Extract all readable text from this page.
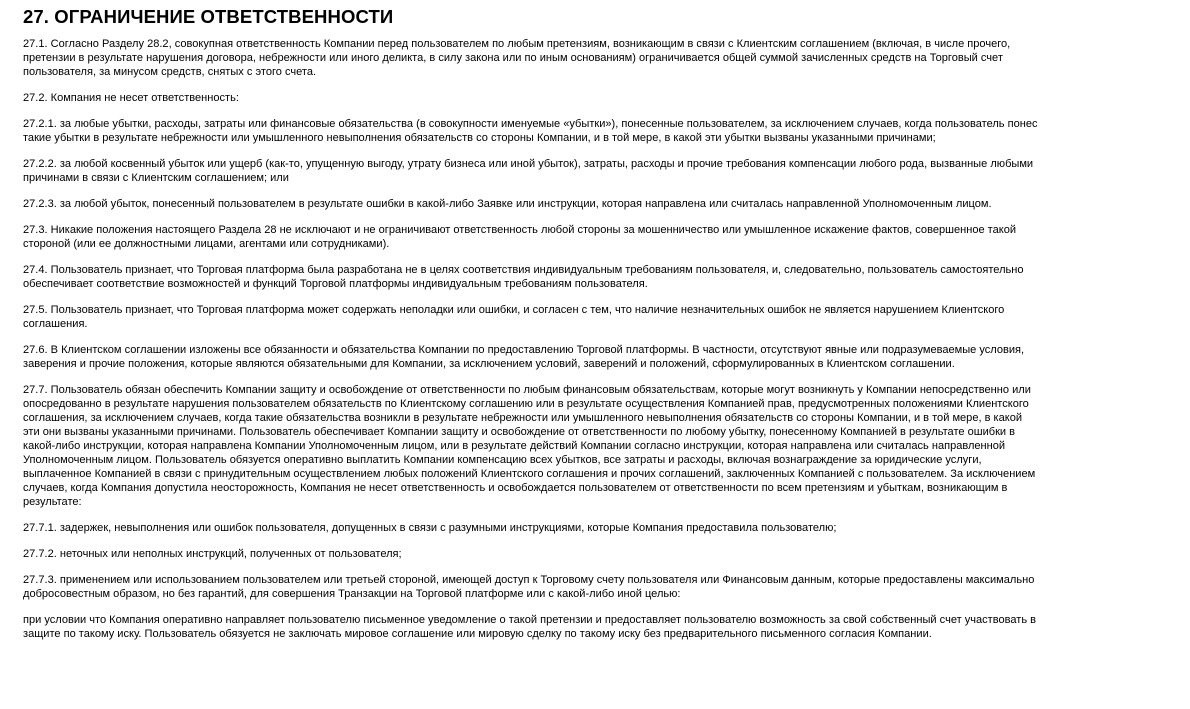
27. ОГРАНИЧЕНИЕ ОТВЕТСТВЕННОСТИ

27.1. Согласно Разделу 28.2, совокупная ответственность Компании перед пользователем по любым претензиям, возникающим в связи с Клиентским соглашением (включая, в числе прочего, претензии в результате нарушения договора, небрежности или иного деликта, в силу закона или по иным основаниям) ограничивается общей суммой зачисленных средств на Торговый счет пользователя, за минусом средств, снятых с этого счета.

27.2. Компания не несет ответственность:

27.2.1. за любые убытки, расходы, затраты или финансовые обязательства (в совокупности именуемые «убытки»), понесенные пользователем, за исключением случаев, когда пользователь понес такие убытки в результате небрежности или умышленного невыполнения обязательств со стороны Компании, и в той мере, в какой эти убытки вызваны указанными причинами;

27.2.2. за любой косвенный убыток или ущерб (как-то, упущенную выгоду, утрату бизнеса или иной убыток), затраты, расходы и прочие требования компенсации любого рода, вызванные любыми причинами в связи с Клиентским соглашением; или

27.2.3. за любой убыток, понесенный пользователем в результате ошибки в какой-либо Заявке или инструкции, которая направлена или считалась направленной Уполномоченным лицом.

27.3. Никакие положения настоящего Раздела 28 не исключают и не ограничивают ответственность любой стороны за мошенничество или умышленное искажение фактов, совершенное такой стороной (или ее должностными лицами, агентами или сотрудниками).

27.4. Пользователь признает, что Торговая платформа была разработана не в целях соответствия индивидуальным требованиям пользователя, и, следовательно, пользователь самостоятельно обеспечивает соответствие возможностей и функций Торговой платформы индивидуальным требованиям пользователя.

27.5. Пользователь признает, что Торговая платформа может содержать неполадки или ошибки, и согласен с тем, что наличие незначительных ошибок не является нарушением Клиентского соглашения.

27.6. В Клиентском соглашении изложены все обязанности и обязательства Компании по предоставлению Торговой платформы. В частности, отсутствуют явные или подразумеваемые условия, заверения и прочие положения, которые являются обязательными для Компании, за исключением условий, заверений и положений, сформулированных в Клиентском соглашении.

27.7. Пользователь обязан обеспечить Компании защиту и освобождение от ответственности по любым финансовым обязательствам, которые могут возникнуть у Компании непосредственно или опосредованно в результате нарушения пользователем обязательств по Клиентскому соглашению или в результате осуществления Компанией прав, предусмотренных положениями Клиентского соглашения, за исключением случаев, когда такие обязательства возникли в результате небрежности или умышленного невыполнения обязательств со стороны Компании, и в той мере, в какой эти они вызваны указанными причинами. Пользователь обеспечивает Компании защиту и освобождение от ответственности по любому убытку, понесенному Компанией в результате ошибки в какой-либо инструкции, которая направлена Компании Уполномоченным лицом, или в результате действий Компании согласно инструкции, которая направлена или считалась направленной Уполномоченным лицом. Пользователь обязуется оперативно выплатить Компании компенсацию всех убытков, все затраты и расходы, включая вознаграждение за юридические услуги, выплаченное Компанией в связи с принудительным осуществлением любых положений Клиентского соглашения и прочих соглашений, заключенных Компанией с пользователем. За исключением случаев, когда Компания допустила неосторожность, Компания не несет ответственность и освобождается пользователем от ответственности по всем претензиям и убыткам, возникающим в результате:

27.7.1. задержек, невыполнения или ошибок пользователя, допущенных в связи с разумными инструкциями, которые Компания предоставила пользователю;

27.7.2. неточных или неполных инструкций, полученных от пользователя;

27.7.3. применением или использованием пользователем или третьей стороной, имеющей доступ к Торговому счету пользователя или Финансовым данным, которые предоставлены максимально добросовестным образом, но без гарантий, для совершения Транзакции на Торговой платформе или с какой-либо иной целью:

при условии что Компания оперативно направляет пользователю письменное уведомление о такой претензии и предоставляет пользователю возможность за свой собственный счет участвовать в защите по такому иску. Пользователь обязуется не заключать мировое соглашение или мировую сделку по такому иску без предварительного письменного согласия Компании.
